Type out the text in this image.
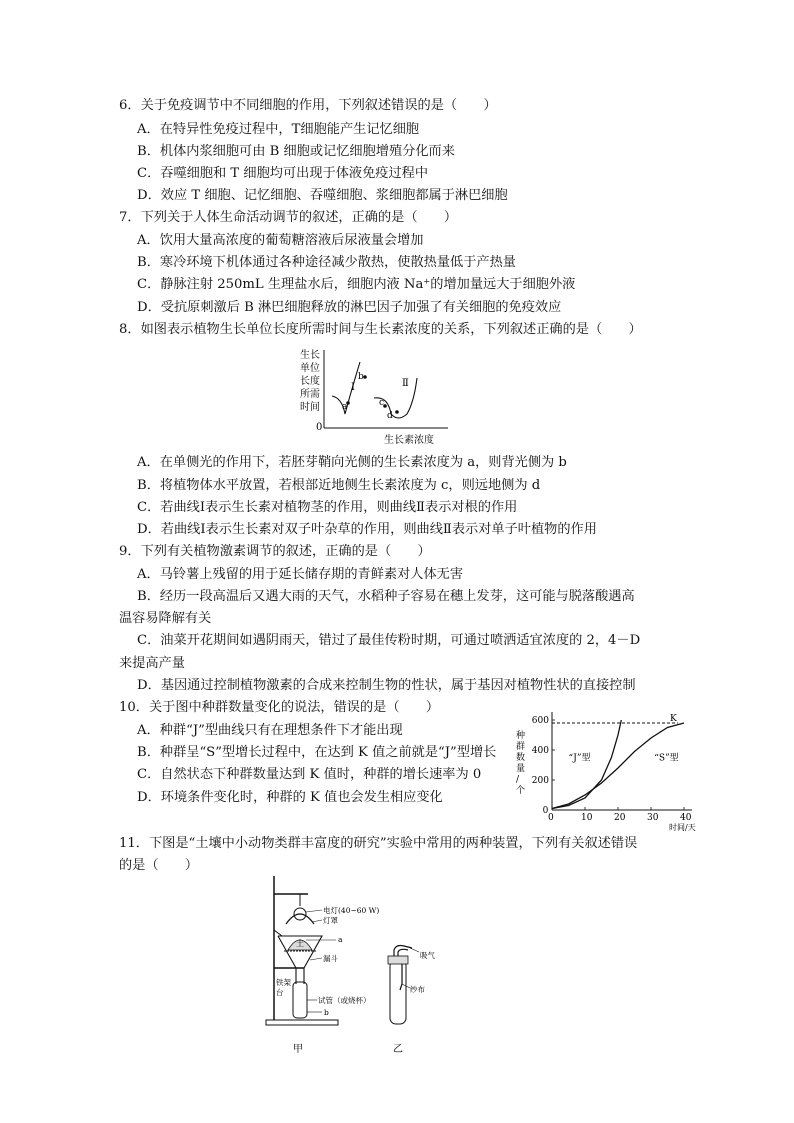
6．关于免疫调节中不同细胞的作用，下列叙述错误的是（　　）
A．在特异性免疫过程中，T细胞能产生记忆细胞
B．机体内浆细胞可由 B 细胞或记忆细胞增殖分化而来
C．吞噬细胞和 T 细胞均可出现于体液免疫过程中
D．效应 T 细胞、记忆细胞、吞噬细胞、浆细胞都属于淋巴细胞
7．下列关于人体生命活动调节的叙述，正确的是（　　）
A．饮用大量高浓度的葡萄糖溶液后尿液量会增加
B．寒冷环境下机体通过各种途径减少散热，使散热量低于产热量
C．静脉注射 250mL 生理盐水后，细胞内液 Na⁺的增加量远大于细胞外液
D．受抗原刺激后 B 淋巴细胞释放的淋巴因子加强了有关细胞的免疫效应
8．如图表示植物生长单位长度所需时间与生长素浓度的关系，下列叙述正确的是（　　）
生长
单位
长度
所需
时间
0
a
b
c
d
Ⅰ	Ⅱ
生长素浓度
A．在单侧光的作用下，若胚芽鞘向光侧的生长素浓度为 a，则背光侧为 b
B．将植物体水平放置，若根部近地侧生长素浓度为 c，则远地侧为 d
C．若曲线Ⅰ表示生长素对植物茎的作用，则曲线Ⅱ表示对根的作用
D．若曲线Ⅰ表示生长素对双子叶杂草的作用，则曲线Ⅱ表示对单子叶植物的作用
9．下列有关植物激素调节的叙述，正确的是（　　）
A．马铃薯上残留的用于延长储存期的青鲜素对人体无害
B．经历一段高温后又遇大雨的天气，水稻种子容易在穗上发芽，这可能与脱落酸遇高
温容易降解有关
C．油菜开花期间如遇阴雨天，错过了最佳传粉时期，可通过喷洒适宜浓度的 2，4－D
来提高产量
D．基因通过控制植物激素的合成来控制生物的性状，属于基因对植物性状的直接控制
10．关于图中种群数量变化的说法，错误的是（　　）
A．种群“J”型曲线只有在理想条件下才能出现
B．种群呈“S”型增长过程中，在达到 K 值之前就是“J”型增长
C．自然状态下种群数量达到 K 值时，种群的增长速率为 0
D．环境条件变化时，种群的 K 值也会发生相应变化
种
群
数
量
/
个
0	10 20 30 40
0
200
400
600	K
时间/天
“J”型	“S”型
11．下图是“土壤中小动物类群丰富度的研究”实验中常用的两种装置，下列有关叙述错误
的是（　　）
电灯(40~60 W)
灯罩
土	a
漏斗
铁架
台
试管（或烧杯）
b
甲
吸气
纱布
乙
